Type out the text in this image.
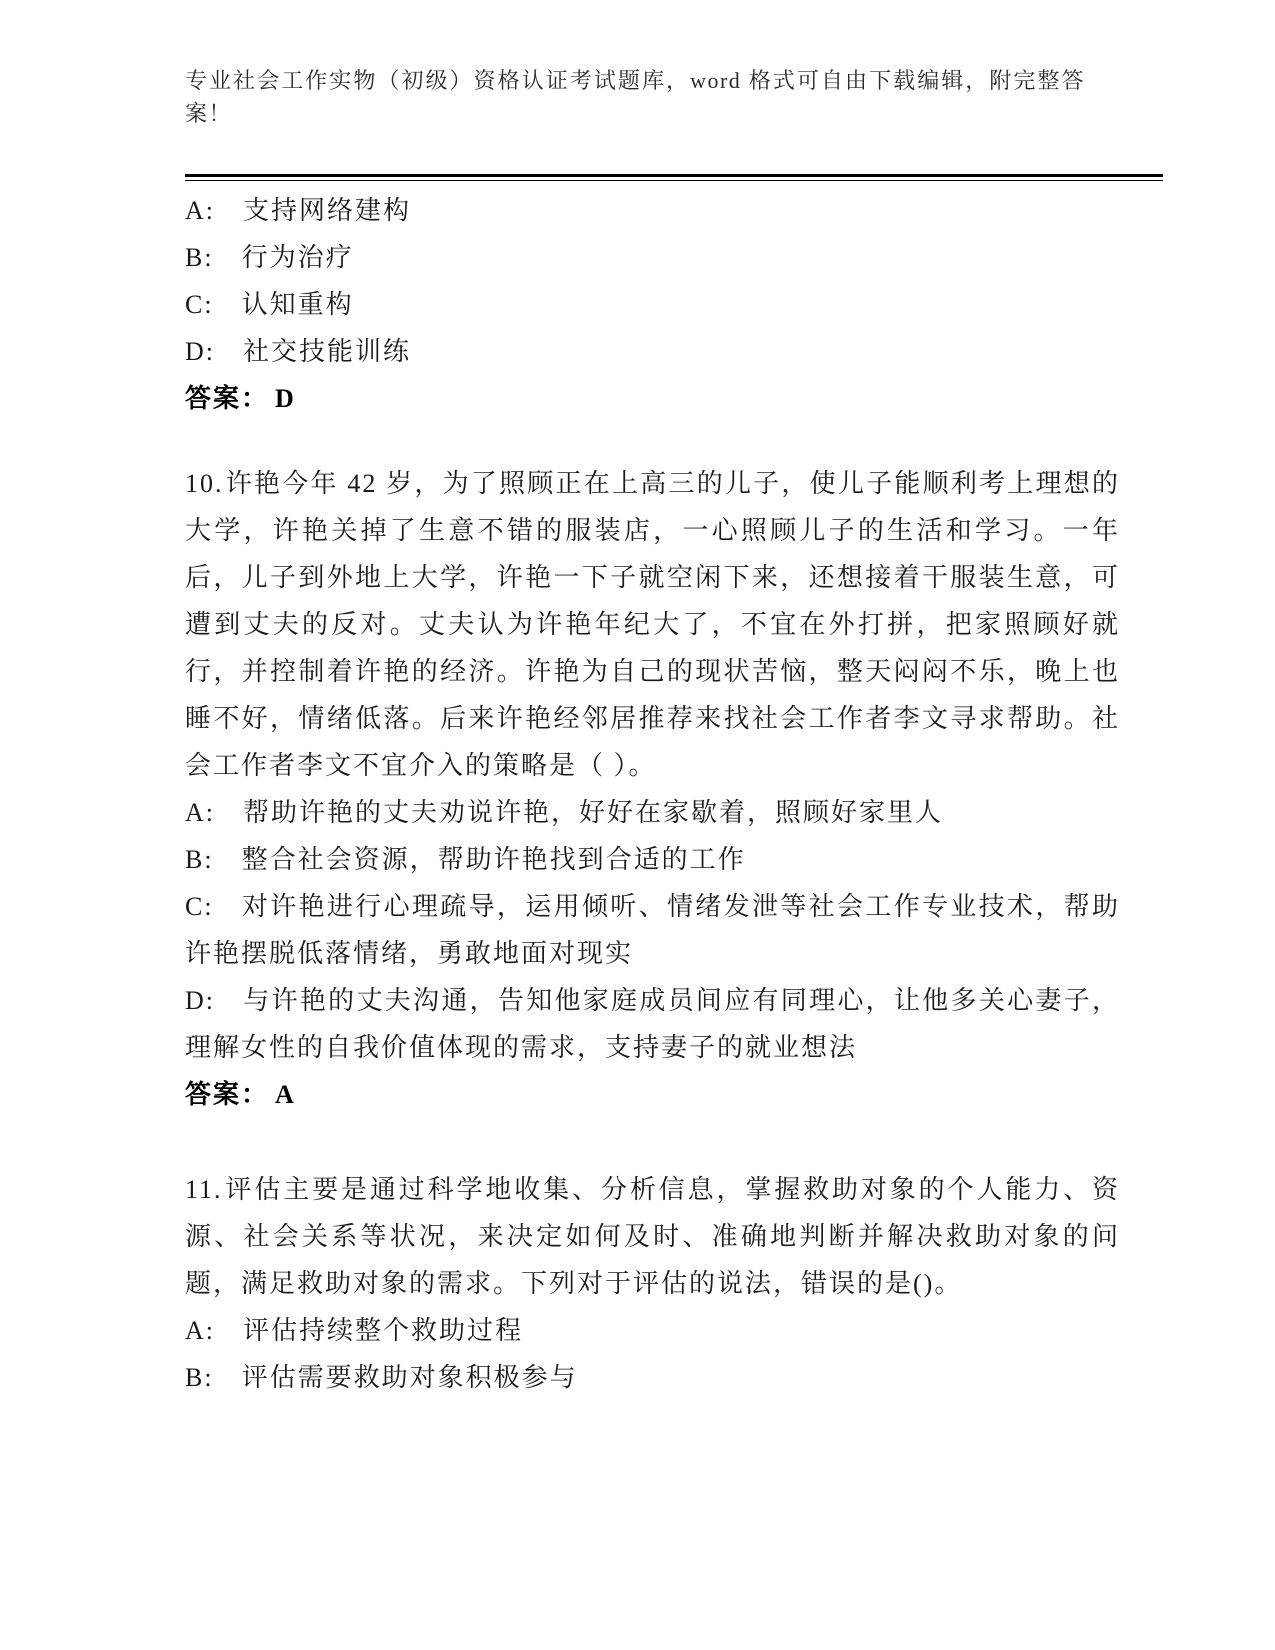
专业社会工作实物（初级）资格认证考试题库，word 格式可自由下载编辑，附完整答案！
A: 支持网络建构
B: 行为治疗
C: 认知重构
D: 社交技能训练
答案： D

10.许艳今年 42 岁，为了照顾正在上高三的儿子，使儿子能顺利考上理想的大学，许艳关掉了生意不错的服装店，一心照顾儿子的生活和学习。一年后，儿子到外地上大学，许艳一下子就空闲下来，还想接着干服装生意，可遭到丈夫的反对。丈夫认为许艳年纪大了，不宜在外打拼，把家照顾好就行，并控制着许艳的经济。许艳为自己的现状苦恼，整天闷闷不乐，晚上也睡不好，情绪低落。后来许艳经邻居推荐来找社会工作者李文寻求帮助。社会工作者李文不宜介入的策略是（ ）。

A: 帮助许艳的丈夫劝说许艳，好好在家歇着，照顾好家里人
B: 整合社会资源，帮助许艳找到合适的工作
C: 对许艳进行心理疏导，运用倾听、情绪发泄等社会工作专业技术，帮助许艳摆脱低落情绪，勇敢地面对现实
D: 与许艳的丈夫沟通，告知他家庭成员间应有同理心，让他多关心妻子，理解女性的自我价值体现的需求，支持妻子的就业想法
答案： A

11.评估主要是通过科学地收集、分析信息，掌握救助对象的个人能力、资源、社会关系等状况，来决定如何及时、准确地判断并解决救助对象的问题，满足救助对象的需求。下列对于评估的说法，错误的是()。

A: 评估持续整个救助过程
B: 评估需要救助对象积极参与
